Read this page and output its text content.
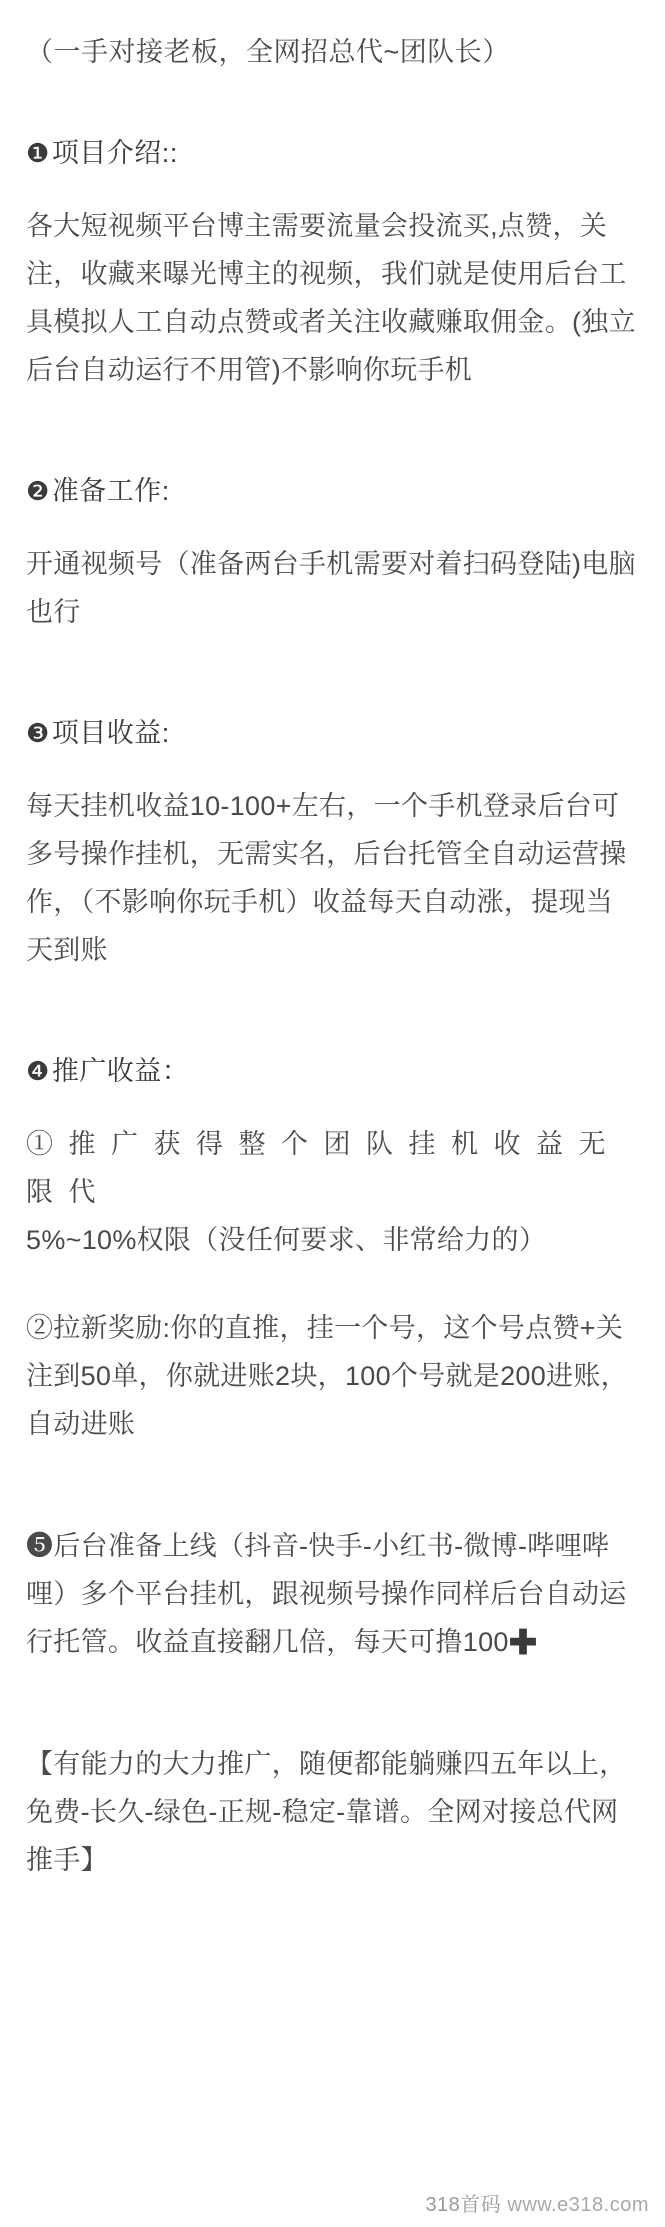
（一手对接老板，全网招总代~团队长）
❶项目介绍::
各大短视频平台博主需要流量会投流买,点赞，关注，收藏来曝光博主的视频，我们就是使用后台工具模拟人工自动点赞或者关注收藏赚取佣金。(独立后台自动运行不用管)不影响你玩手机
❷准备工作:
开通视频号（准备两台手机需要对着扫码登陆)电脑也行
❸项目收益:
每天挂机收益10-100+左右，一个手机登录后台可多号操作挂机，无需实名，后台托管全自动运营操作，（不影响你玩手机）收益每天自动涨，提现当天到账
❹推广收益：
① 推 广 获 得 整 个 团 队 挂 机 收 益 无 限 代
5%~10%权限（没任何要求、非常给力的）
②拉新奖励:你的直推，挂一个号，这个号点赞+关注到50单，你就进账2块，100个号就是200进账，自动进账
❺后台准备上线（抖音-快手-小红书-微博-哔哩哔哩）多个平台挂机，跟视频号操作同样后台自动运行托管。收益直接翻几倍，每天可撸100✚
【有能力的大力推广，随便都能躺赚四五年以上，免费-长久-绿色-正规-稳定-靠谱。全网对接总代网推手】
318首码 www.e318.com
